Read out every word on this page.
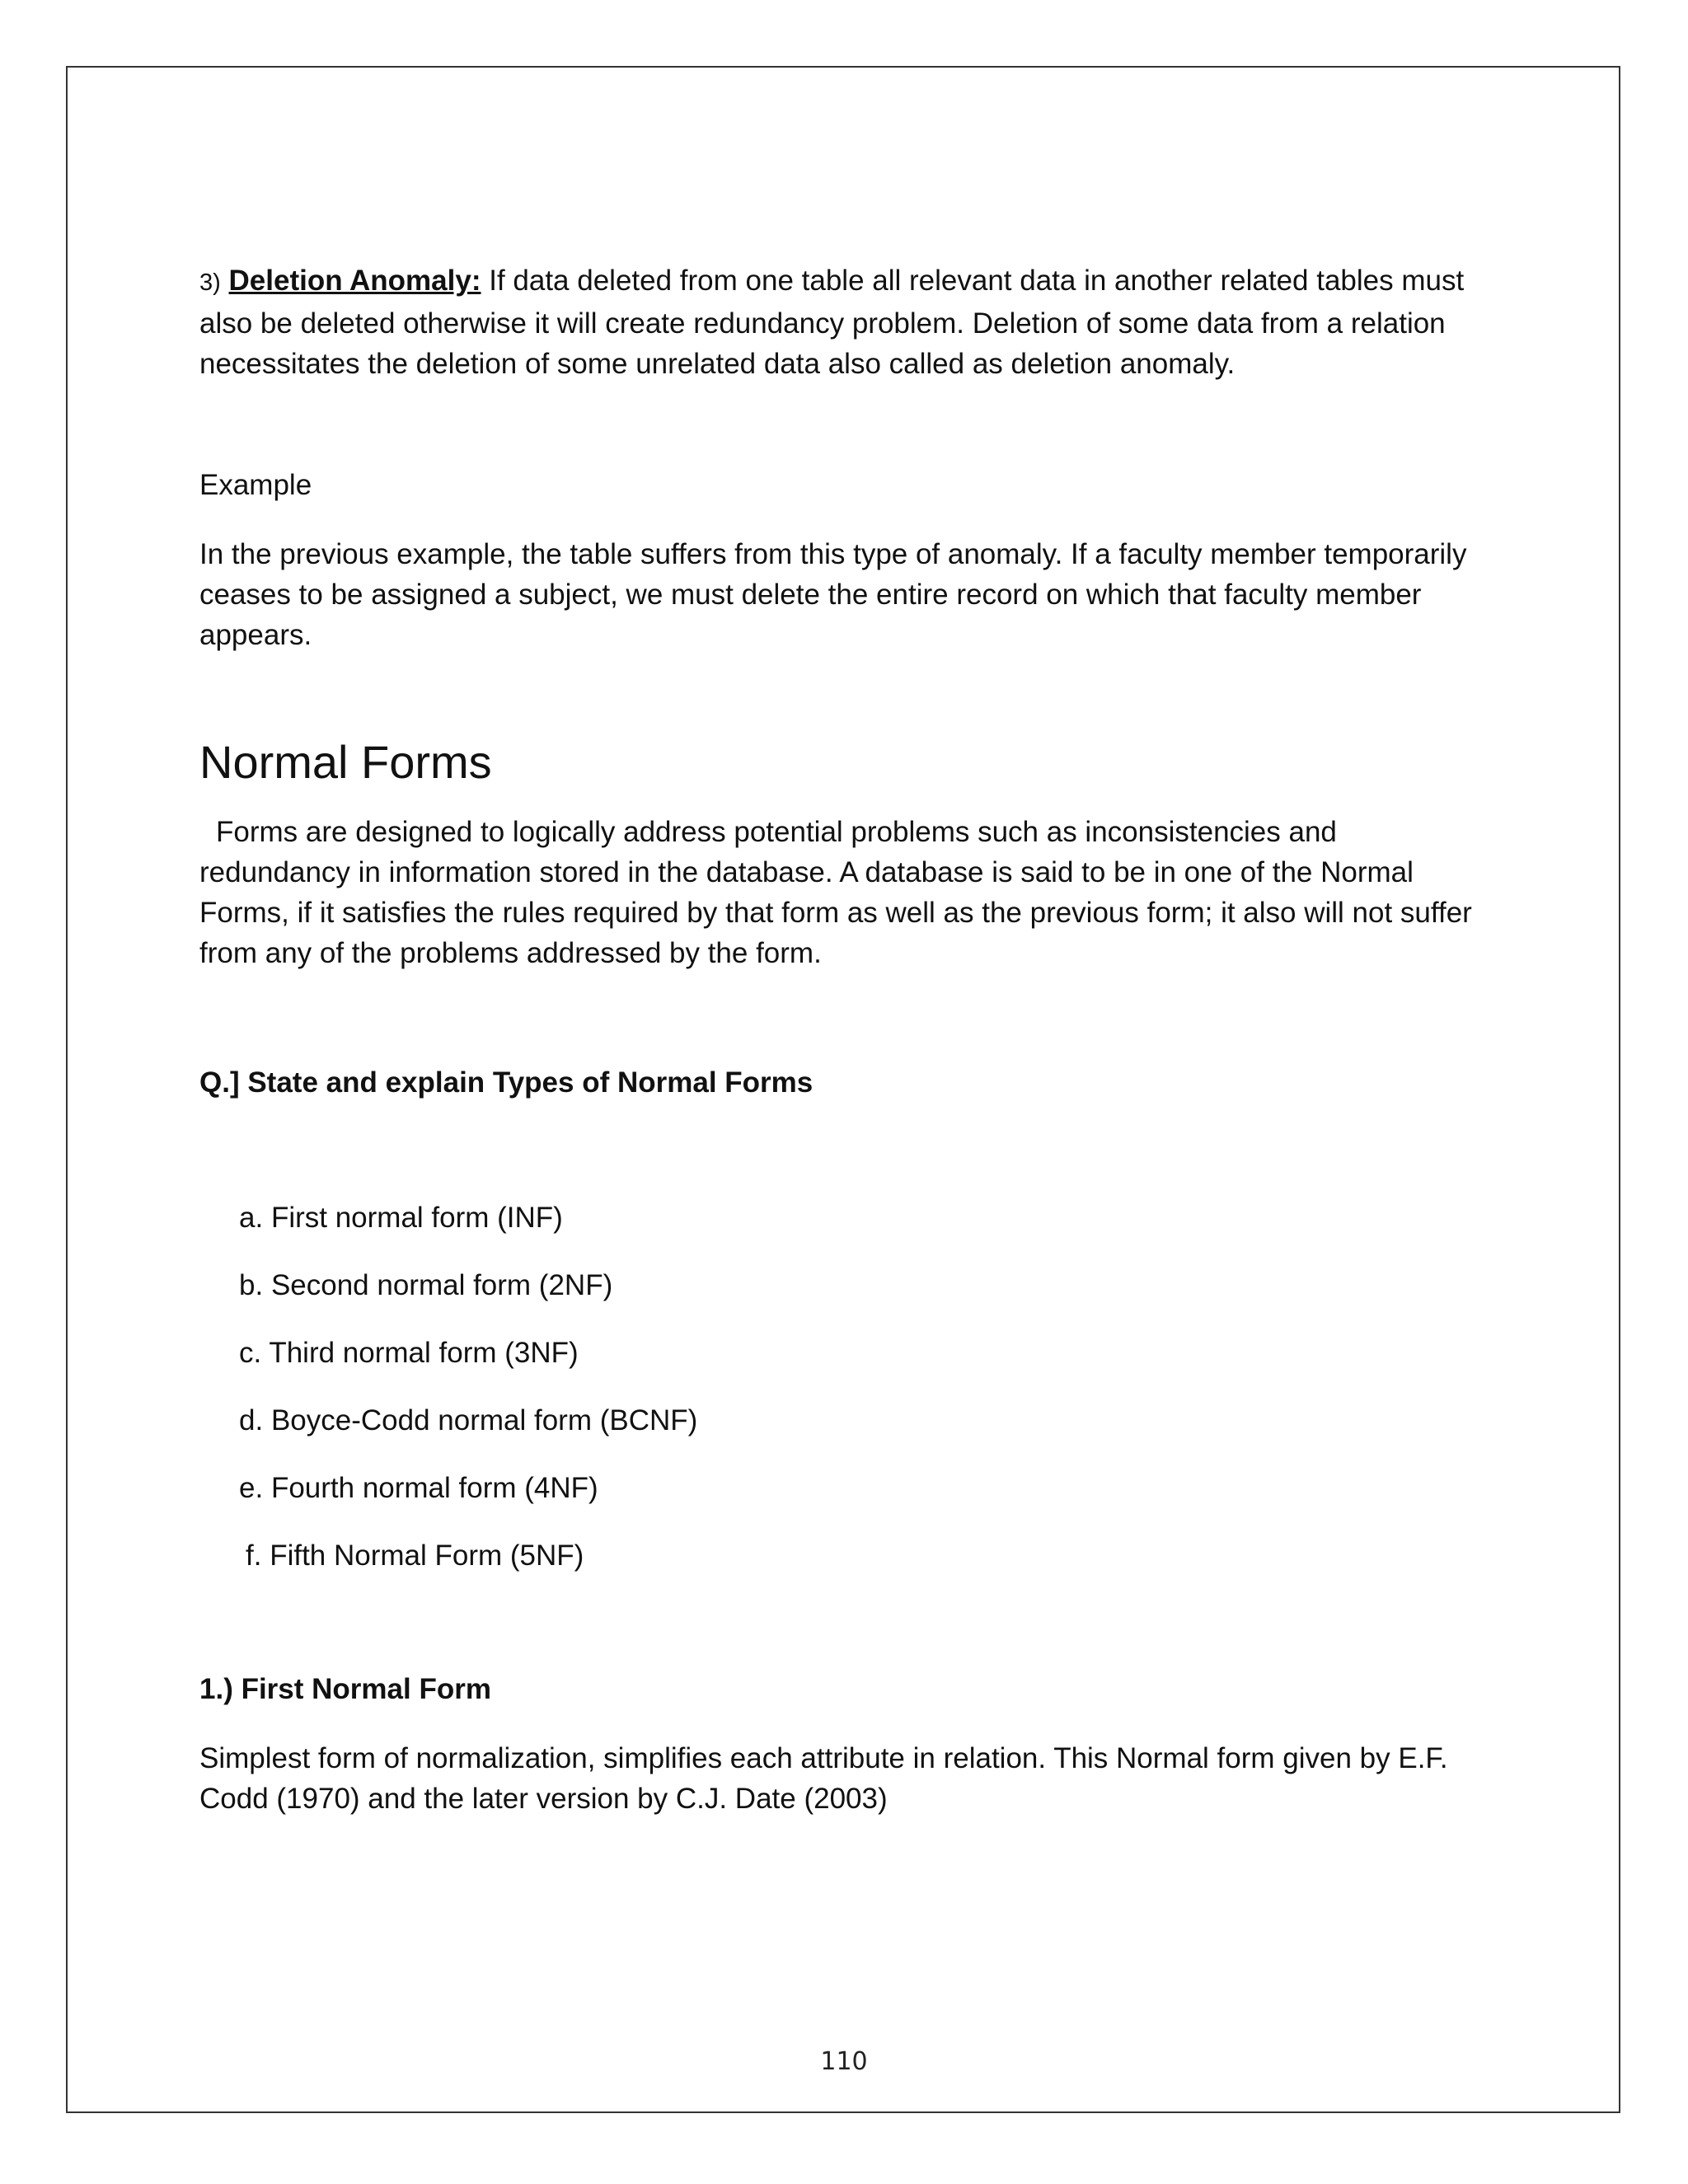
3) Deletion Anomaly: If data deleted from one table all relevant data in another related tables must also be deleted otherwise it will create redundancy problem. Deletion of some data from a relation necessitates the deletion of some unrelated data also called as deletion anomaly.

Example

In the previous example, the table suffers from this type of anomaly. If a faculty member temporarily ceases to be assigned a subject, we must delete the entire record on which that faculty member appears.

Normal Forms

Forms are designed to logically address potential problems such as inconsistencies and redundancy in information stored in the database. A database is said to be in one of the Normal Forms, if it satisfies the rules required by that form as well as the previous form; it also will not suffer from any of the problems addressed by the form.

Q.] State and explain Types of Normal Forms

a. First normal form (INF)
b. Second normal form (2NF)
c. Third normal form (3NF)
d. Boyce-Codd normal form (BCNF)
e. Fourth normal form (4NF)
f. Fifth Normal Form (5NF)

1.) First Normal Form

Simplest form of normalization, simplifies each attribute in relation. This Normal form given by E.F. Codd (1970) and the later version by C.J. Date (2003)

110
